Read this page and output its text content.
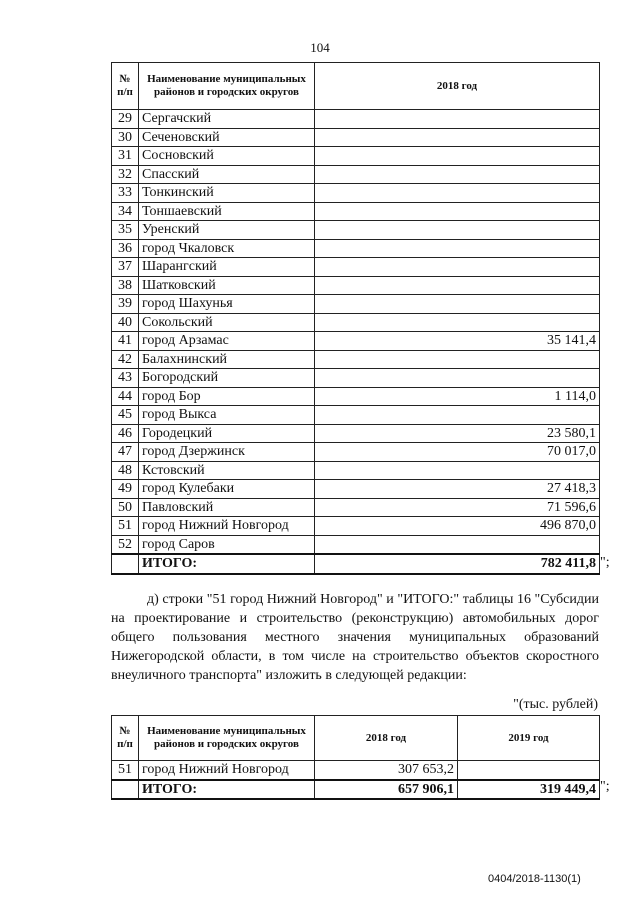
104
№ п/п	Наименование муниципальных районов и городских округов	2018 год
29	Сергачский	
30	Сеченовский	
31	Сосновский	
32	Спасский	
33	Тонкинский	
34	Тоншаевский	
35	Уренский	
36	город Чкаловск	
37	Шарангский	
38	Шатковский	
39	город Шахунья	
40	Сокольский	
41	город Арзамас	35 141,4
42	Балахнинский	
43	Богородский	
44	город Бор	1 114,0
45	город Выкса	
46	Городецкий	23 580,1
47	город Дзержинск	70 017,0
48	Кстовский	
49	город Кулебаки	27 418,3
50	Павловский	71 596,6
51	город Нижний Новгород	496 870,0
52	город Саров	
	ИТОГО:	782 411,8 ";
д) строки "51 город Нижний Новгород" и "ИТОГО:" таблицы 16 "Субсидии на проектирование и строительство (реконструкцию) автомобильных дорог общего пользования местного значения муниципальных образований Нижегородской области, в том числе на строительство объектов скоростного внеуличного транспорта" изложить в следующей редакции:
"(тыс. рублей)
№ п/п	Наименование муниципальных районов и городских округов	2018 год	2019 год
51	город Нижний Новгород	307 653,2	
	ИТОГО:	657 906,1	319 449,4 ";
0404/2018-1130(1)
